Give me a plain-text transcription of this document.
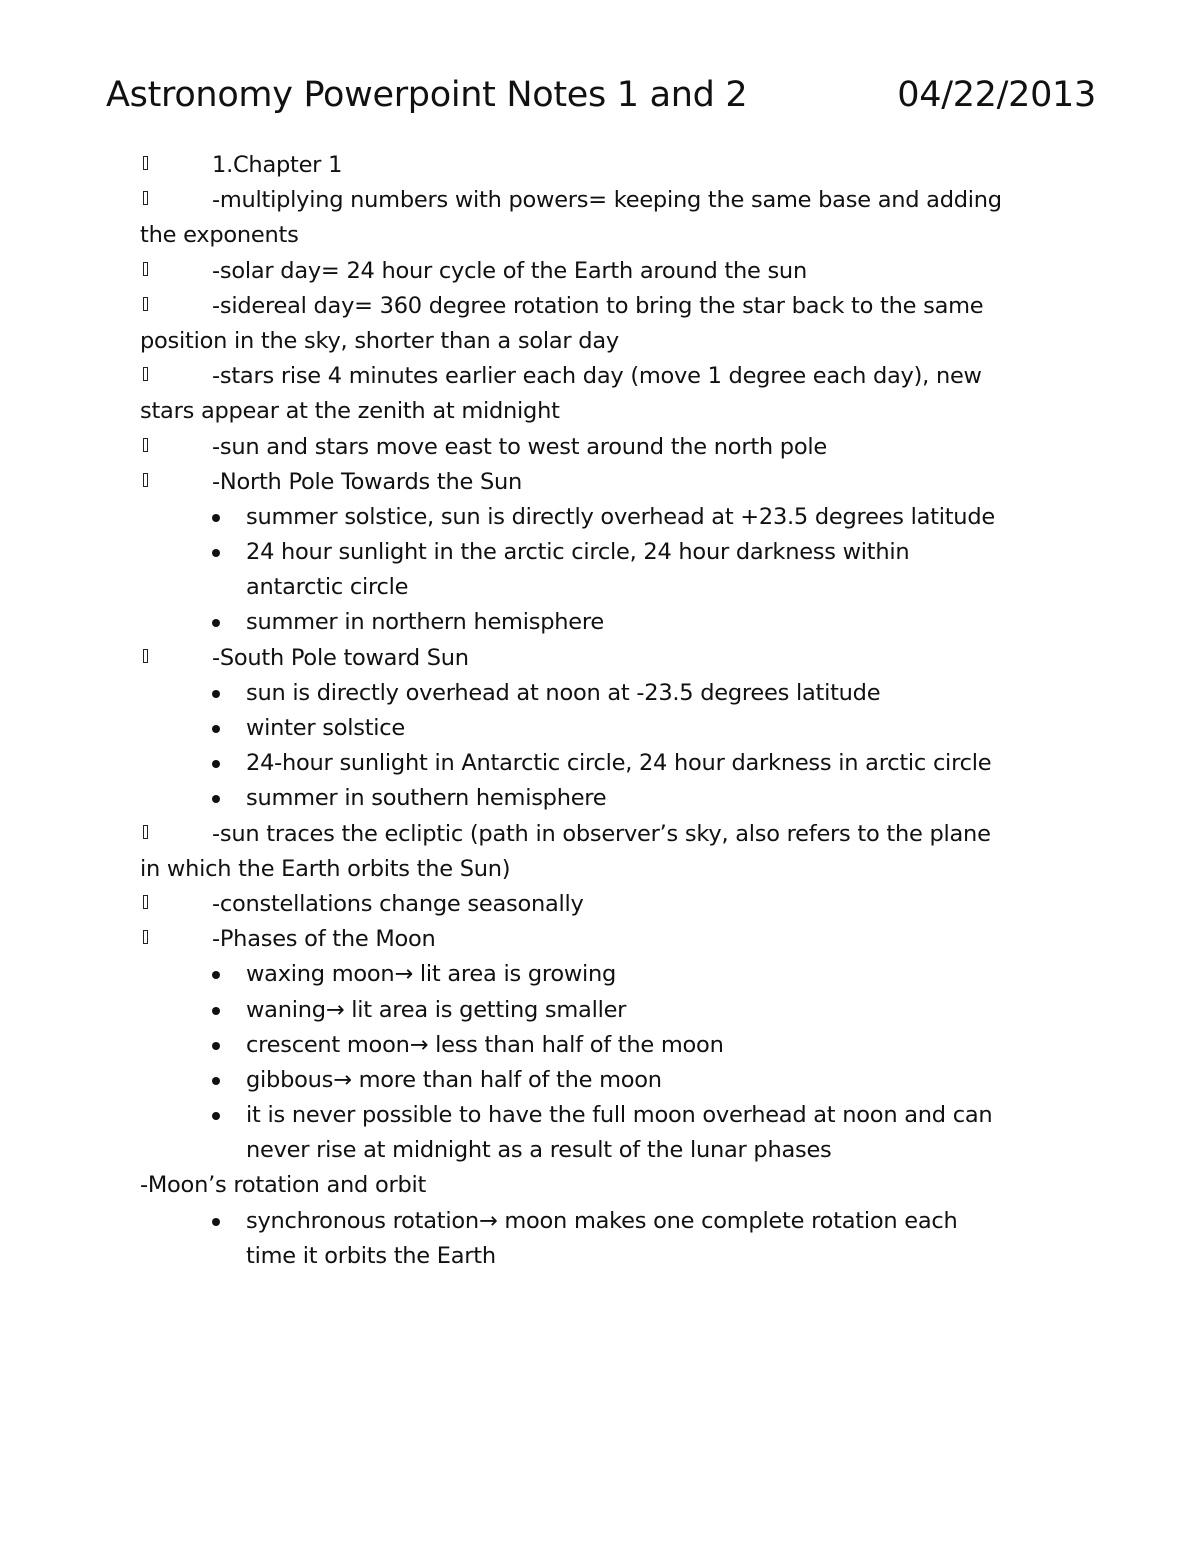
Astronomy Powerpoint Notes 1 and 2	04/22/2013
1.Chapter 1
-multiplying numbers with powers= keeping the same base and adding
the exponents
-solar day= 24 hour cycle of the Earth around the sun
-sidereal day= 360 degree rotation to bring the star back to the same
position in the sky, shorter than a solar day
-stars rise 4 minutes earlier each day (move 1 degree each day), new
stars appear at the zenith at midnight
-sun and stars move east to west around the north pole
-North Pole Towards the Sun
summer solstice, sun is directly overhead at +23.5 degrees latitude
24 hour sunlight in the arctic circle, 24 hour darkness within
antarctic circle
summer in northern hemisphere
-South Pole toward Sun
sun is directly overhead at noon at -23.5 degrees latitude
winter solstice
24-hour sunlight in Antarctic circle, 24 hour darkness in arctic circle
summer in southern hemisphere
-sun traces the ecliptic (path in observer’s sky, also refers to the plane
in which the Earth orbits the Sun)
-constellations change seasonally
-Phases of the Moon
waxing moon→ lit area is growing
waning→ lit area is getting smaller
crescent moon→ less than half of the moon
gibbous→ more than half of the moon
it is never possible to have the full moon overhead at noon and can
never rise at midnight as a result of the lunar phases
-Moon’s rotation and orbit
synchronous rotation→ moon makes one complete rotation each
time it orbits the Earth
